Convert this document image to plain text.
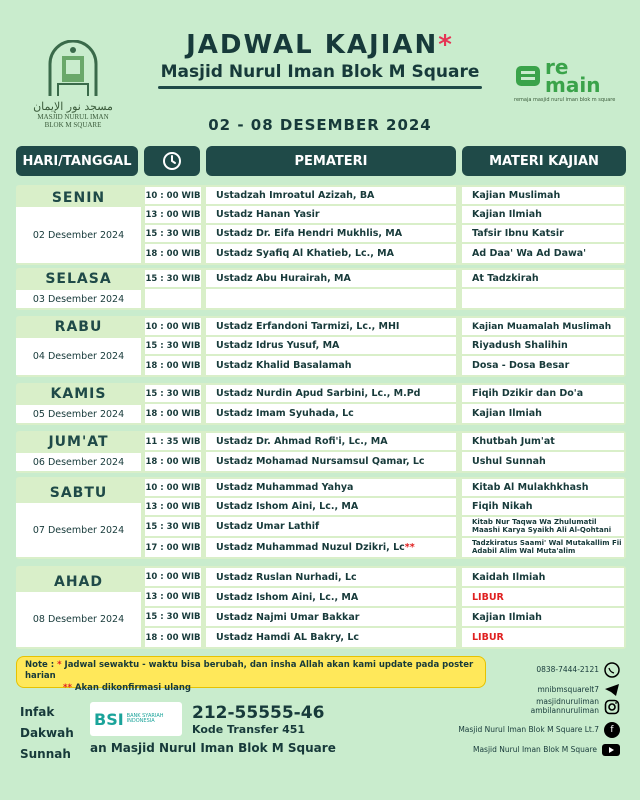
مسجد نور الإيمان
MASJID NURUL IMAN
BLOK M SQUARE
JADWAL KAJIAN*
Masjid Nurul Iman Blok M Square
02 - 08 DESEMBER 2024
re
main
remaja masjid nurul iman blok m square
HARI/TANGGAL	PEMATERI	MATERI KAJIAN
SENIN
02 Desember 2024
10 : 00 WIB	Ustadzah Imroatul Azizah, BA	Kajian Muslimah
13 : 00 WIB	Ustadz Hanan Yasir	Kajian Ilmiah
15 : 30 WIB	Ustadz Dr. Eifa Hendri Mukhlis, MA	Tafsir Ibnu Katsir
18 : 00 WIB	Ustadz Syafiq Al Khatieb, Lc., MA	Ad Daa' Wa Ad Dawa'
SELASA
03 Desember 2024
15 : 30 WIB	Ustadz Abu Hurairah, MA	At Tadzkirah
RABU
04 Desember 2024
10 : 00 WIB	Ustadz Erfandoni Tarmizi, Lc., MHI	Kajian Muamalah Muslimah
15 : 30 WIB	Ustadz Idrus Yusuf, MA	Riyadush Shalihin
18 : 00 WIB	Ustadz Khalid Basalamah	Dosa - Dosa Besar
KAMIS
05 Desember 2024
15 : 30 WIB	Ustadz Nurdin Apud Sarbini, Lc., M.Pd	Fiqih Dzikir dan Do'a
18 : 00 WIB	Ustadz Imam Syuhada, Lc	Kajian Ilmiah
JUM'AT
06 Desember 2024
11 : 35 WIB	Ustadz Dr. Ahmad Rofi'i, Lc., MA	Khutbah Jum'at
18 : 00 WIB	Ustadz Mohamad Nursamsul Qamar, Lc	Ushul Sunnah
SABTU
07 Desember 2024
10 : 00 WIB	Ustadz Muhammad Yahya	Kitab Al Mulakhkhash
13 : 00 WIB	Ustadz Ishom Aini, Lc., MA	Fiqih Nikah
15 : 30 WIB	Ustadz Umar Lathif	Kitab Nur Taqwa Wa Zhulumatil Maashi Karya Syaikh Ali Al-Qohtani
17 : 00 WIB Ustadz Muhammad Nuzul Dzikri, Lc **	Tadzkiratus Saami' Wal Mutakallim Fii Adabil Alim Wal Muta'alim
AHAD
08 Desember 2024
10 : 00 WIB	Ustadz Ruslan Nurhadi, Lc	Kaidah Ilmiah
13 : 00 WIB	Ustadz Ishom Aini, Lc., MA	LIBUR
15 : 30 WIB	Ustadz Najmi Umar Bakkar	Kajian Ilmiah
18 : 00 WIB	Ustadz Hamdi AL Bakry, Lc	LIBUR
Note : * Jadwal sewaktu - waktu bisa berubah, dan insha Allah akan kami update pada poster harian
** Akan dikonfirmasi ulang
Infak
Dakwah
Sunnah
BSI BANK SYARIAH
INDONESIA	212-55555-46
Kode Transfer 451
an Masjid Nurul Iman Blok M Square
0838-7444-2121
mnibmsquarelt7
masjidnuruliman
ambilannuruliman
Masjid Nurul Iman Blok M Square Lt.7	f
Masjid Nurul Iman Blok M Square
